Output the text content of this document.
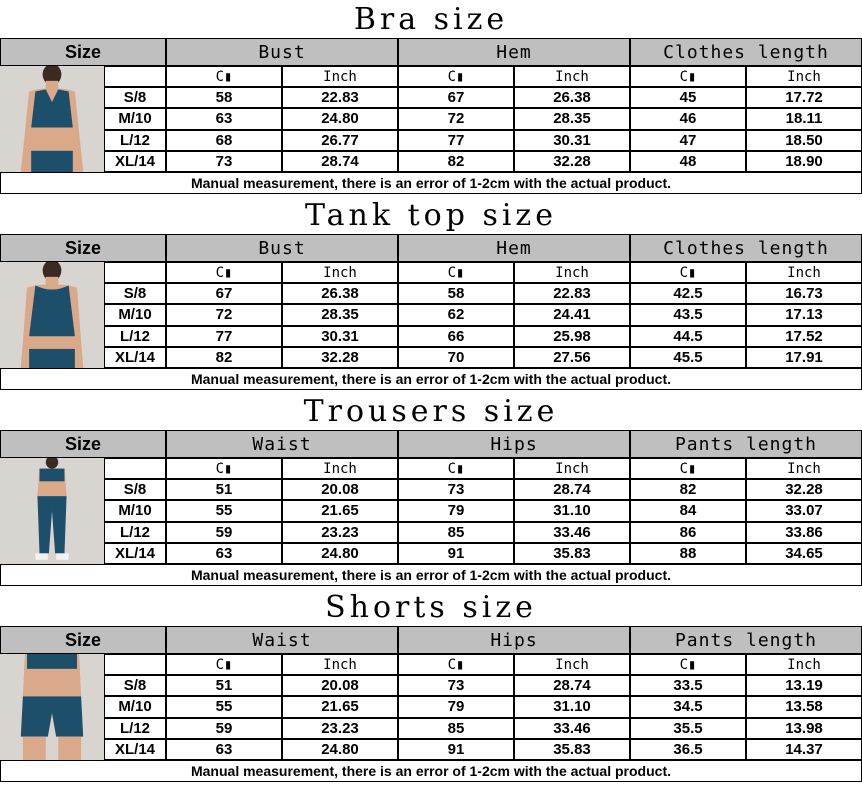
Bra size
Size	Bust	Hem	Clothes length
C▮	Inch	C▮	Inch	C▮	Inch
S/8	58	22.83	67	26.38	45	17.72
M/10	63	24.80	72	28.35	46	18.11
L/12	68	26.77	77	30.31	47	18.50
XL/14	73	28.74	82	32.28	48	18.90
Manual measurement, there is an error of 1-2cm with the actual product.
Tank top size
Size	Bust	Hem	Clothes length
C▮	Inch	C▮	Inch	C▮	Inch
S/8	67	26.38	58	22.83	42.5	16.73
M/10	72	28.35	62	24.41	43.5	17.13
L/12	77	30.31	66	25.98	44.5	17.52
XL/14	82	32.28	70	27.56	45.5	17.91
Manual measurement, there is an error of 1-2cm with the actual product.
Trousers size
Size	Waist	Hips	Pants length
C▮	Inch	C▮	Inch	C▮	Inch
S/8	51	20.08	73	28.74	82	32.28
M/10	55	21.65	79	31.10	84	33.07
L/12	59	23.23	85	33.46	86	33.86
XL/14	63	24.80	91	35.83	88	34.65
Manual measurement, there is an error of 1-2cm with the actual product.
Shorts size
Size	Waist	Hips	Pants length
C▮	Inch	C▮	Inch	C▮	Inch
S/8	51	20.08	73	28.74	33.5	13.19
M/10	55	21.65	79	31.10	34.5	13.58
L/12	59	23.23	85	33.46	35.5	13.98
XL/14	63	24.80	91	35.83	36.5	14.37
Manual measurement, there is an error of 1-2cm with the actual product.
